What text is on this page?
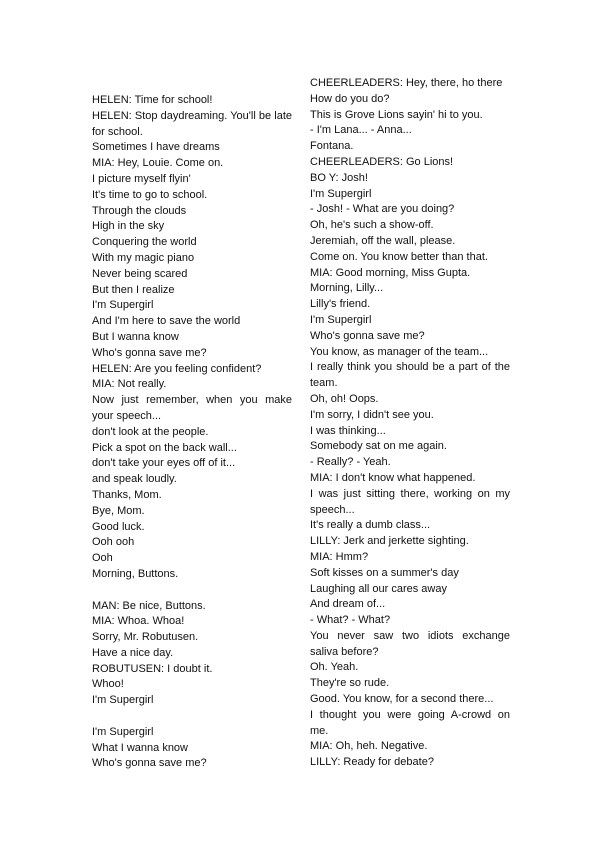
HELEN: Time for school!
HELEN: Stop daydreaming. You'll be late
for school.
Sometimes I have dreams
MIA: Hey, Louie. Come on.
I picture myself flyin'
It's time to go to school.
Through the clouds
High in the sky
Conquering the world
With my magic piano
Never being scared
But then I realize
I'm Supergirl
And I'm here to save the world
But I wanna know
Who's gonna save me?
HELEN: Are you feeling confident?
MIA: Not really.
Now just remember, when you make
your speech...
don't look at the people.
Pick a spot on the back wall...
don't take your eyes off of it...
and speak loudly.
Thanks, Mom.
Bye, Mom.
Good luck.
Ooh ooh
Ooh
Morning, Buttons.
MAN: Be nice, Buttons.
MIA: Whoa. Whoa!
Sorry, Mr. Robutusen.
Have a nice day.
ROBUTUSEN: I doubt it.
Whoo!
I'm Supergirl
I'm Supergirl
What I wanna know
Who's gonna save me?
CHEERLEADERS: Hey, there, ho there
How do you do?
This is Grove Lions sayin' hi to you.
- I'm Lana... - Anna...
Fontana.
CHEERLEADERS: Go Lions!
BO Y: Josh!
I'm Supergirl
- Josh! - What are you doing?
Oh, he's such a show-off.
Jeremiah, off the wall, please.
Come on. You know better than that.
MIA: Good morning, Miss Gupta.
Morning, Lilly...
Lilly's friend.
I'm Supergirl
Who's gonna save me?
You know, as manager of the team...
I really think you should be a part of the
team.
Oh, oh! Oops.
I'm sorry, I didn't see you.
I was thinking...
Somebody sat on me again.
- Really? - Yeah.
MIA: I don't know what happened.
I was just sitting there, working on my
speech...
It's really a dumb class...
LILLY: Jerk and jerkette sighting.
MIA: Hmm?
Soft kisses on a summer's day
Laughing all our cares away
And dream of...
- What? - What?
You never saw two idiots exchange
saliva before?
Oh. Yeah.
They're so rude.
Good. You know, for a second there...
I thought you were going A-crowd on
me.
MIA: Oh, heh. Negative.
LILLY: Ready for debate?
